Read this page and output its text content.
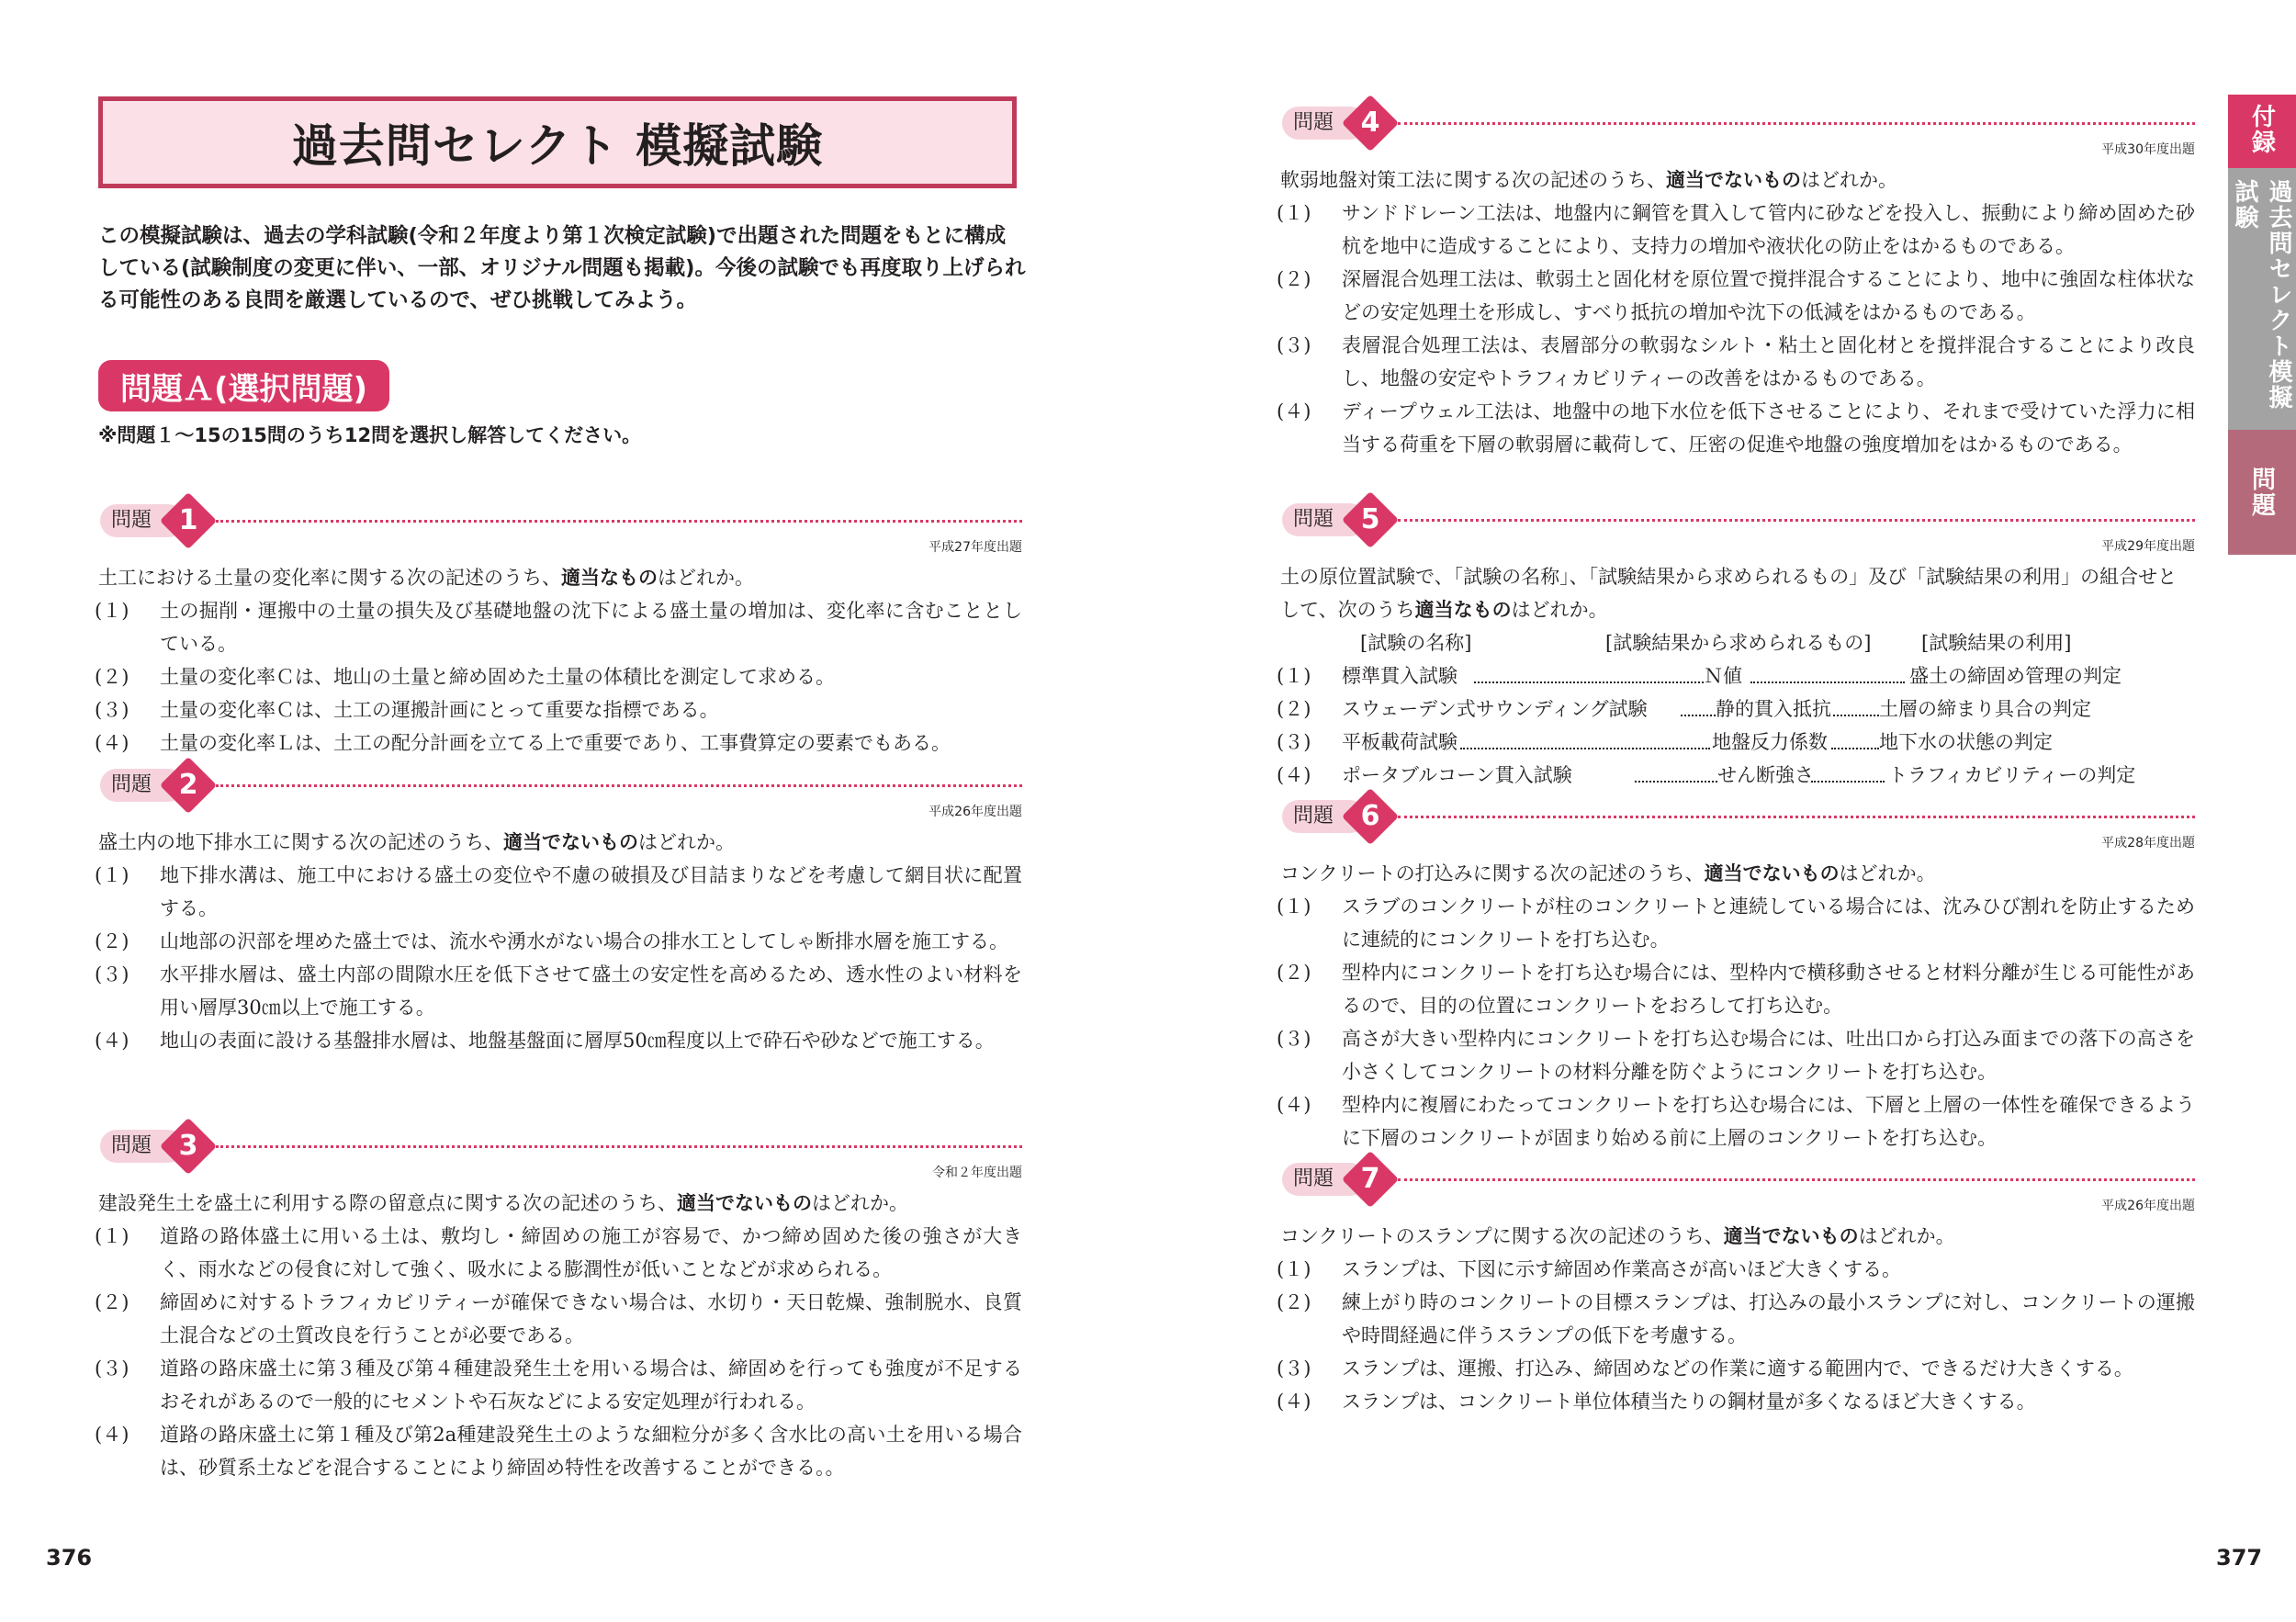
過去問セレクト 模擬試験

この模擬試験は、過去の学科試験(令和２年度より第１次検定試験)で出題された問題をもとに構成している(試験制度の変更に伴い、一部、オリジナル問題も掲載)。今後の試験でも再度取り上げられる可能性のある良問を厳選しているので、ぜひ挑戦してみよう。

問題Ａ(選択問題)

※問題１～15の15問のうち12問を選択し解答してください。

問題 1
平成27年度出題
土工における土量の変化率に関する次の記述のうち、適当なものはどれか。
(１) 土の掘削・運搬中の土量の損失及び基礎地盤の沈下による盛土量の増加は、変化率に含むこととしている。
(２) 土量の変化率Ｃは、地山の土量と締め固めた土量の体積比を測定して求める。
(３) 土量の変化率Ｃは、土工の運搬計画にとって重要な指標である。
(４) 土量の変化率Ｌは、土工の配分計画を立てる上で重要であり、工事費算定の要素でもある。
問題 2
平成26年度出題
盛土内の地下排水工に関する次の記述のうち、適当でないものはどれか。
(１) 地下排水溝は、施工中における盛土の変位や不慮の破損及び目詰まりなどを考慮して網目状に配置する。
(２) 山地部の沢部を埋めた盛土では、流水や湧水がない場合の排水工としてしゃ断排水層を施工する。
(３) 水平排水層は、盛土内部の間隙水圧を低下させて盛土の安定性を高めるため、透水性のよい材料を用い層厚30㎝以上で施工する。
(４) 地山の表面に設ける基盤排水層は、地盤基盤面に層厚50㎝程度以上で砕石や砂などで施工する。
問題 3
令和２年度出題
建設発生土を盛土に利用する際の留意点に関する次の記述のうち、適当でないものはどれか。
(１) 道路の路体盛土に用いる土は、敷均し・締固めの施工が容易で、かつ締め固めた後の強さが大きく、雨水などの侵食に対して強く、吸水による膨潤性が低いことなどが求められる。
(２) 締固めに対するトラフィカビリティーが確保できない場合は、水切り・天日乾燥、強制脱水、良質土混合などの土質改良を行うことが必要である。
(３) 道路の路床盛土に第３種及び第４種建設発生土を用いる場合は、締固めを行っても強度が不足するおそれがあるので一般的にセメントや石灰などによる安定処理が行われる。
(４) 道路の路床盛土に第１種及び第2a種建設発生土のような細粒分が多く含水比の高い土を用いる場合は、砂質系土などを混合することにより締固め特性を改善することができる。。
376
問題 4
平成30年度出題
軟弱地盤対策工法に関する次の記述のうち、適当でないものはどれか。
(１) サンドドレーン工法は、地盤内に鋼管を貫入して管内に砂などを投入し、振動により締め固めた砂杭を地中に造成することにより、支持力の増加や液状化の防止をはかるものである。
(２) 深層混合処理工法は、軟弱土と固化材を原位置で撹拌混合することにより、地中に強固な柱体状などの安定処理土を形成し、すべり抵抗の増加や沈下の低減をはかるものである。
(３) 表層混合処理工法は、表層部分の軟弱なシルト・粘土と固化材とを撹拌混合することにより改良し、地盤の安定やトラフィカビリティーの改善をはかるものである。
(４) ディープウェル工法は、地盤中の地下水位を低下させることにより、それまで受けていた浮力に相当する荷重を下層の軟弱層に載荷して、圧密の促進や地盤の強度増加をはかるものである。
問題 5
平成29年度出題
土の原位置試験で、「試験の名称」、「試験結果から求められるもの」及び「試験結果の利用」の組合せとして、次のうち適当なものはどれか。
[試験の名称]	[試験結果から求められるもの]	[試験結果の利用]
(１) 標準貫入試験	Ｎ値	盛土の締固め管理の判定
(２) スウェーデン式サウンディング試験	静的貫入抵抗 土層の締まり具合の判定
(３) 平板載荷試験	地盤反力係数	地下水の状態の判定
(４) ポータブルコーン貫入試験	せん断強さ	トラフィカビリティーの判定
問題 6
平成28年度出題
コンクリートの打込みに関する次の記述のうち、適当でないものはどれか。
(１) スラブのコンクリートが柱のコンクリートと連続している場合には、沈みひび割れを防止するために連続的にコンクリートを打ち込む。
(２) 型枠内にコンクリートを打ち込む場合には、型枠内で横移動させると材料分離が生じる可能性があるので、目的の位置にコンクリートをおろして打ち込む。
(３) 高さが大きい型枠内にコンクリートを打ち込む場合には、吐出口から打込み面までの落下の高さを小さくしてコンクリートの材料分離を防ぐようにコンクリートを打ち込む。
(４) 型枠内に複層にわたってコンクリートを打ち込む場合には、下層と上層の一体性を確保できるように下層のコンクリートが固まり始める前に上層のコンクリートを打ち込む。
問題 7
平成26年度出題
コンクリートのスランプに関する次の記述のうち、適当でないものはどれか。
(１) スランプは、下図に示す締固め作業高さが高いほど大きくする。
(２) 練上がり時のコンクリートの目標スランプは、打込みの最小スランプに対し、コンクリートの運搬や時間経過に伴うスランプの低下を考慮する。
(３) スランプは、運搬、打込み、締固めなどの作業に適する範囲内で、できるだけ大きくする。
(４) スランプは、コンクリート単位体積当たりの鋼材量が多くなるほど大きくする。
377
付録
過去問セレクト模擬試験
問題
